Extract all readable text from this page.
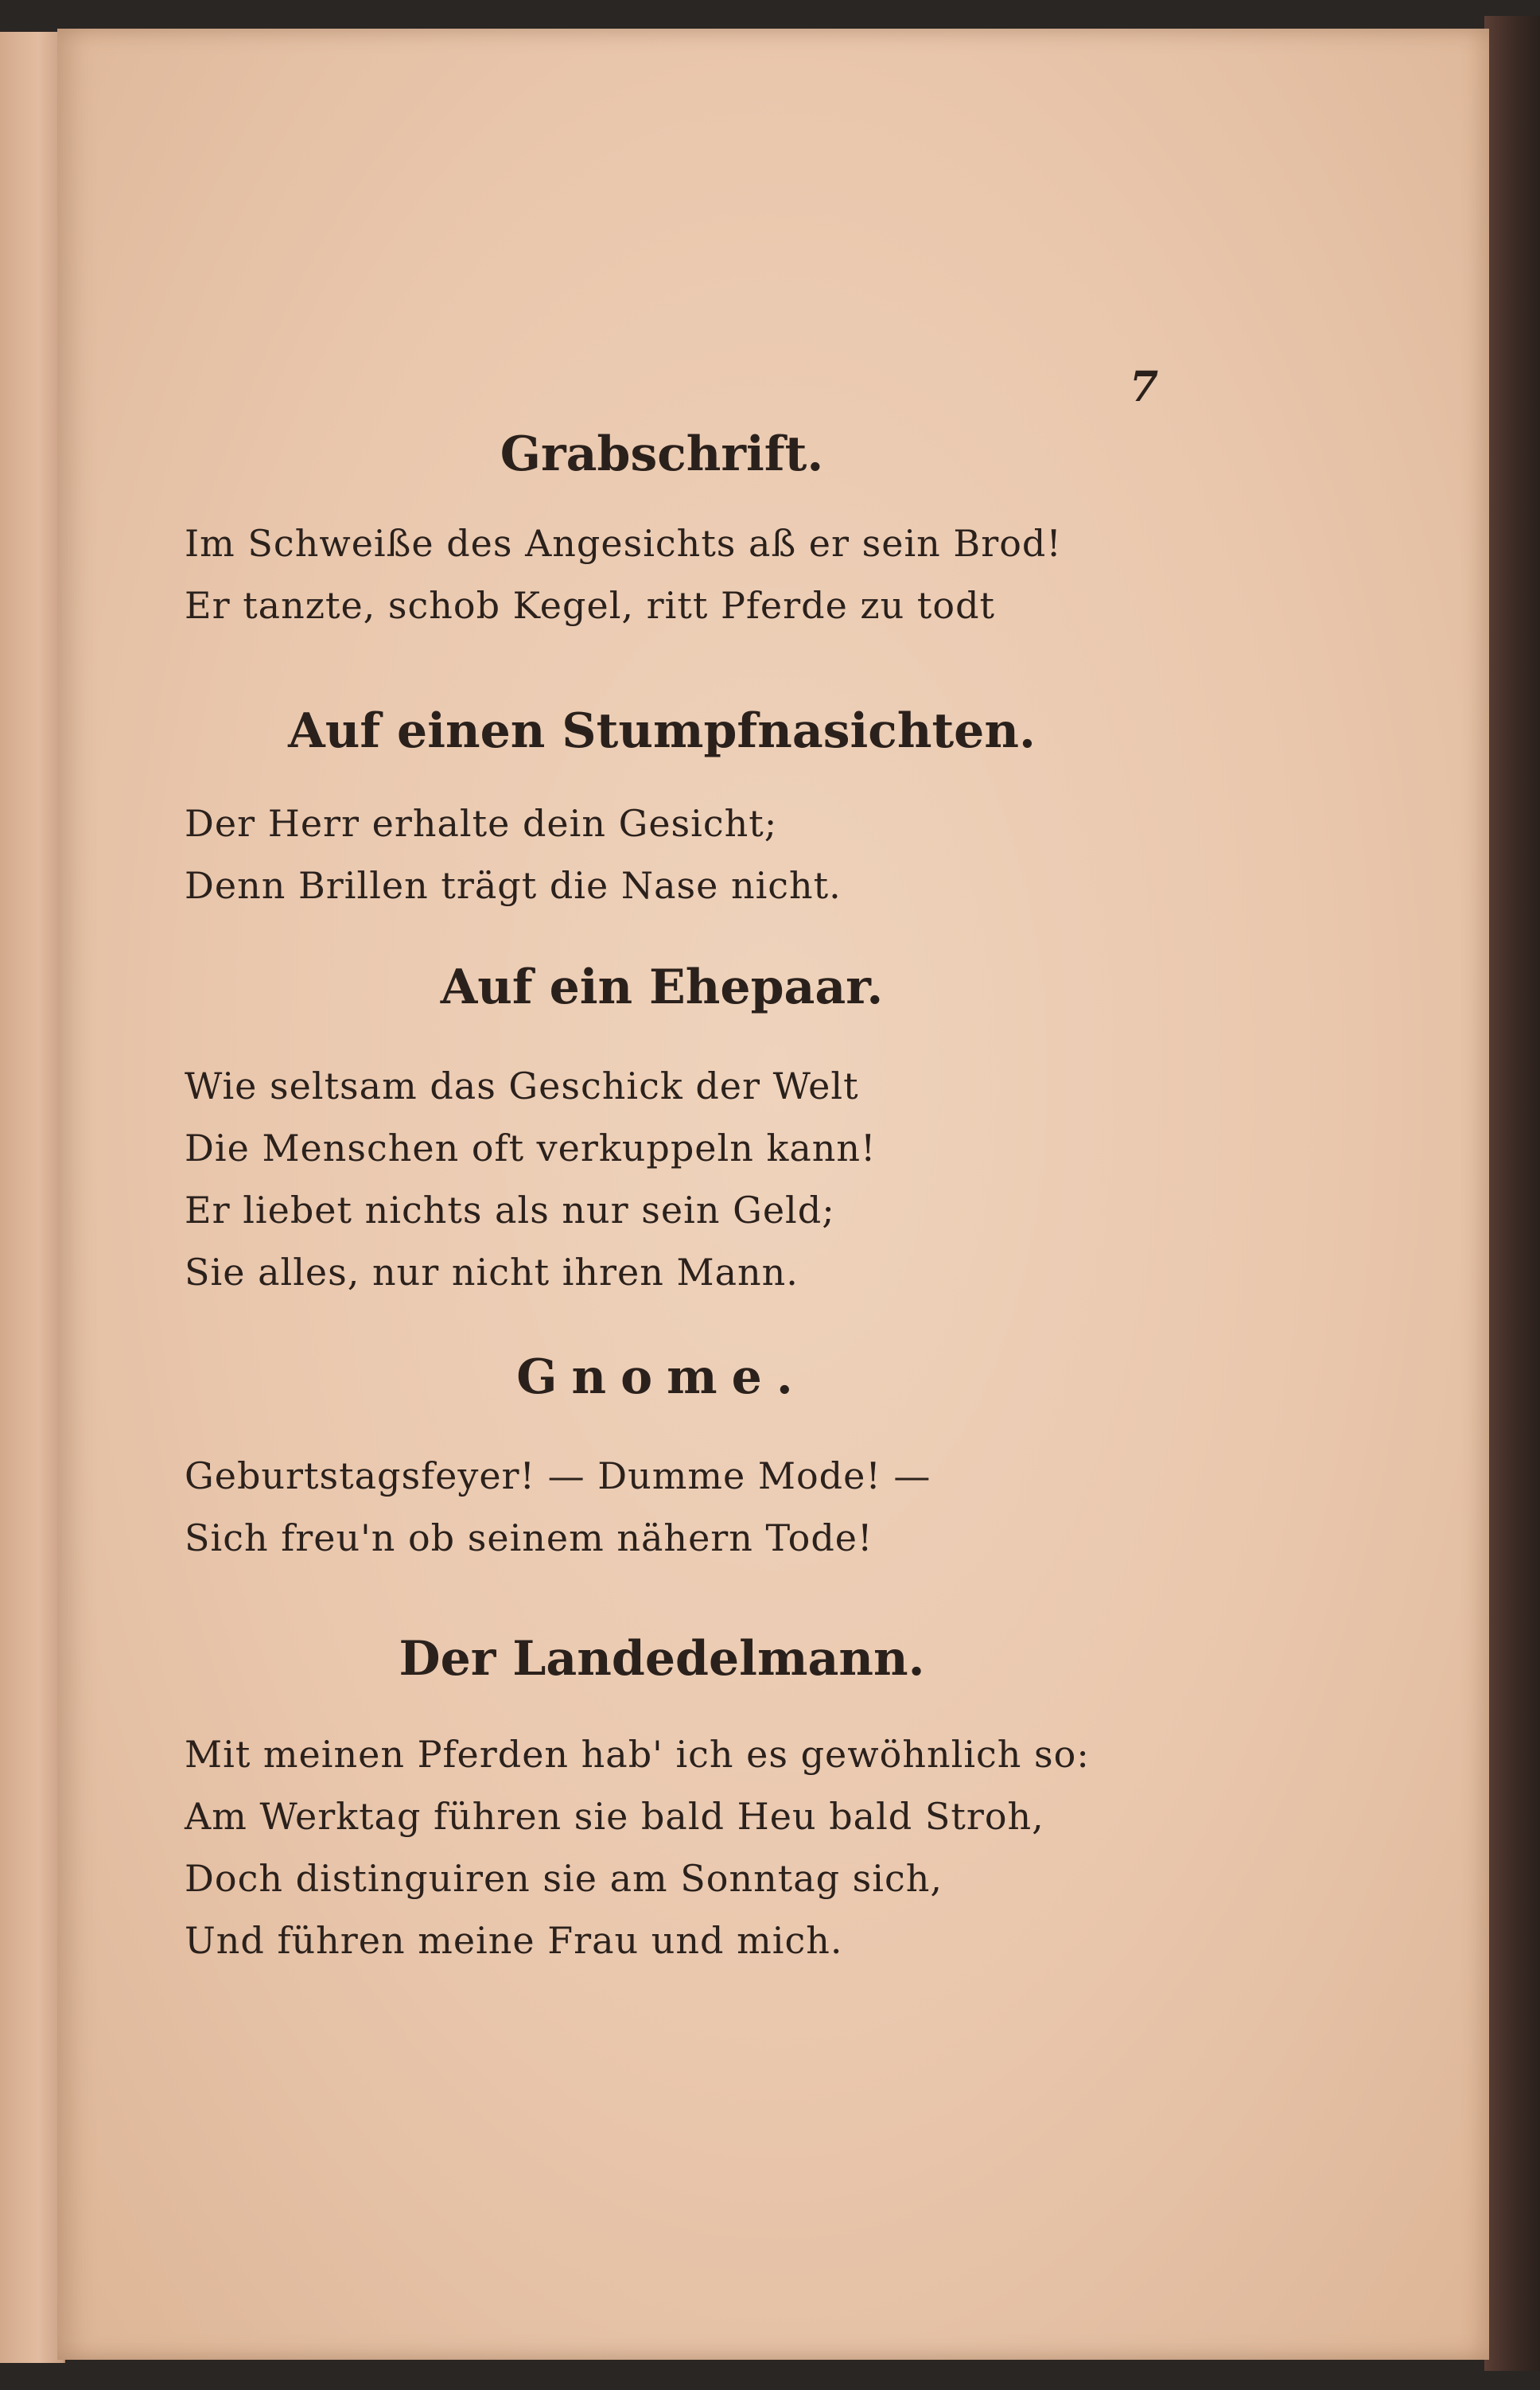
7
Grabschrift.
Im Schweiße des Angesichts aß er sein Brod!
Er tanzte, schob Kegel, ritt Pferde zu todt
Auf einen Stumpfnasichten.
Der Herr erhalte dein Gesicht;
Denn Brillen trägt die Nase nicht.
Auf ein Ehepaar.
Wie seltsam das Geschick der Welt
Die Menschen oft verkuppeln kann!
Er liebet nichts als nur sein Geld;
Sie alles, nur nicht ihren Mann.
Gnome.
Geburtstagsfeyer! — Dumme Mode! —
Sich freu'n ob seinem nähern Tode!
Der Landedelmann.
Mit meinen Pferden hab' ich es gewöhnlich so:
Am Werktag führen sie bald Heu bald Stroh,
Doch distinguiren sie am Sonntag sich,
Und führen meine Frau und mich.
